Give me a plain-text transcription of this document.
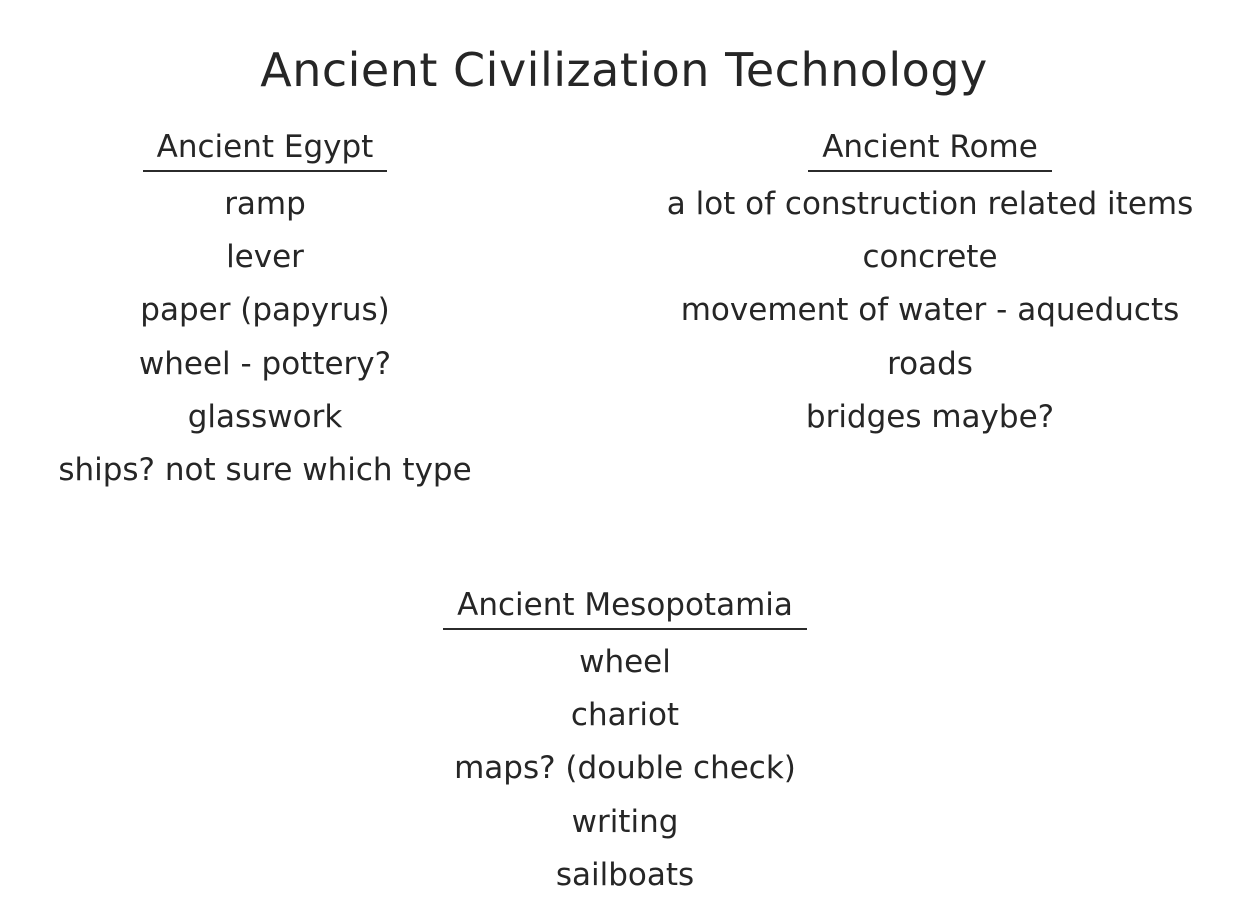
Ancient Civilization Technology
Ancient Egypt
ramp
lever
paper (papyrus)
wheel - pottery?
glasswork
ships? not sure which type
Ancient Rome
a lot of construction related items
concrete
movement of water - aqueducts
roads
bridges maybe?
Ancient Mesopotamia
wheel
chariot
maps? (double check)
writing
sailboats
